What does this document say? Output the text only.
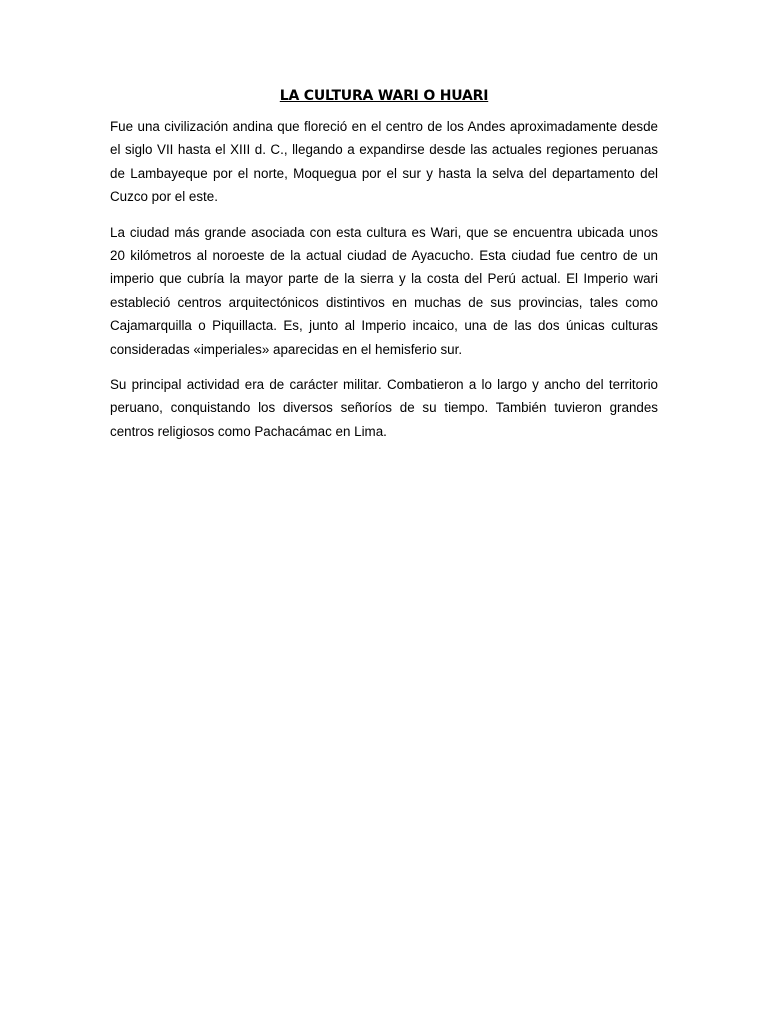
LA CULTURA WARI O HUARI

Fue una civilización andina que floreció en el centro de los Andes aproximadamente desde el siglo VII hasta el XIII d. C., llegando a expandirse desde las actuales regiones peruanas de Lambayeque por el norte, Moquegua por el sur y hasta la selva del departamento del Cuzco por el este.

La ciudad más grande asociada con esta cultura es Wari, que se encuentra ubicada unos 20 kilómetros al noroeste de la actual ciudad de Ayacucho. Esta ciudad fue centro de un imperio que cubría la mayor parte de la sierra y la costa del Perú actual. El Imperio wari estableció centros arquitectónicos distintivos en muchas de sus provincias, tales como Cajamarquilla o Piquillacta. Es, junto al Imperio incaico, una de las dos únicas culturas consideradas «imperiales» aparecidas en el hemisferio sur.

Su principal actividad era de carácter militar. Combatieron a lo largo y ancho del territorio peruano, conquistando los diversos señoríos de su tiempo. También tuvieron grandes centros religiosos como Pachacámac en Lima.
